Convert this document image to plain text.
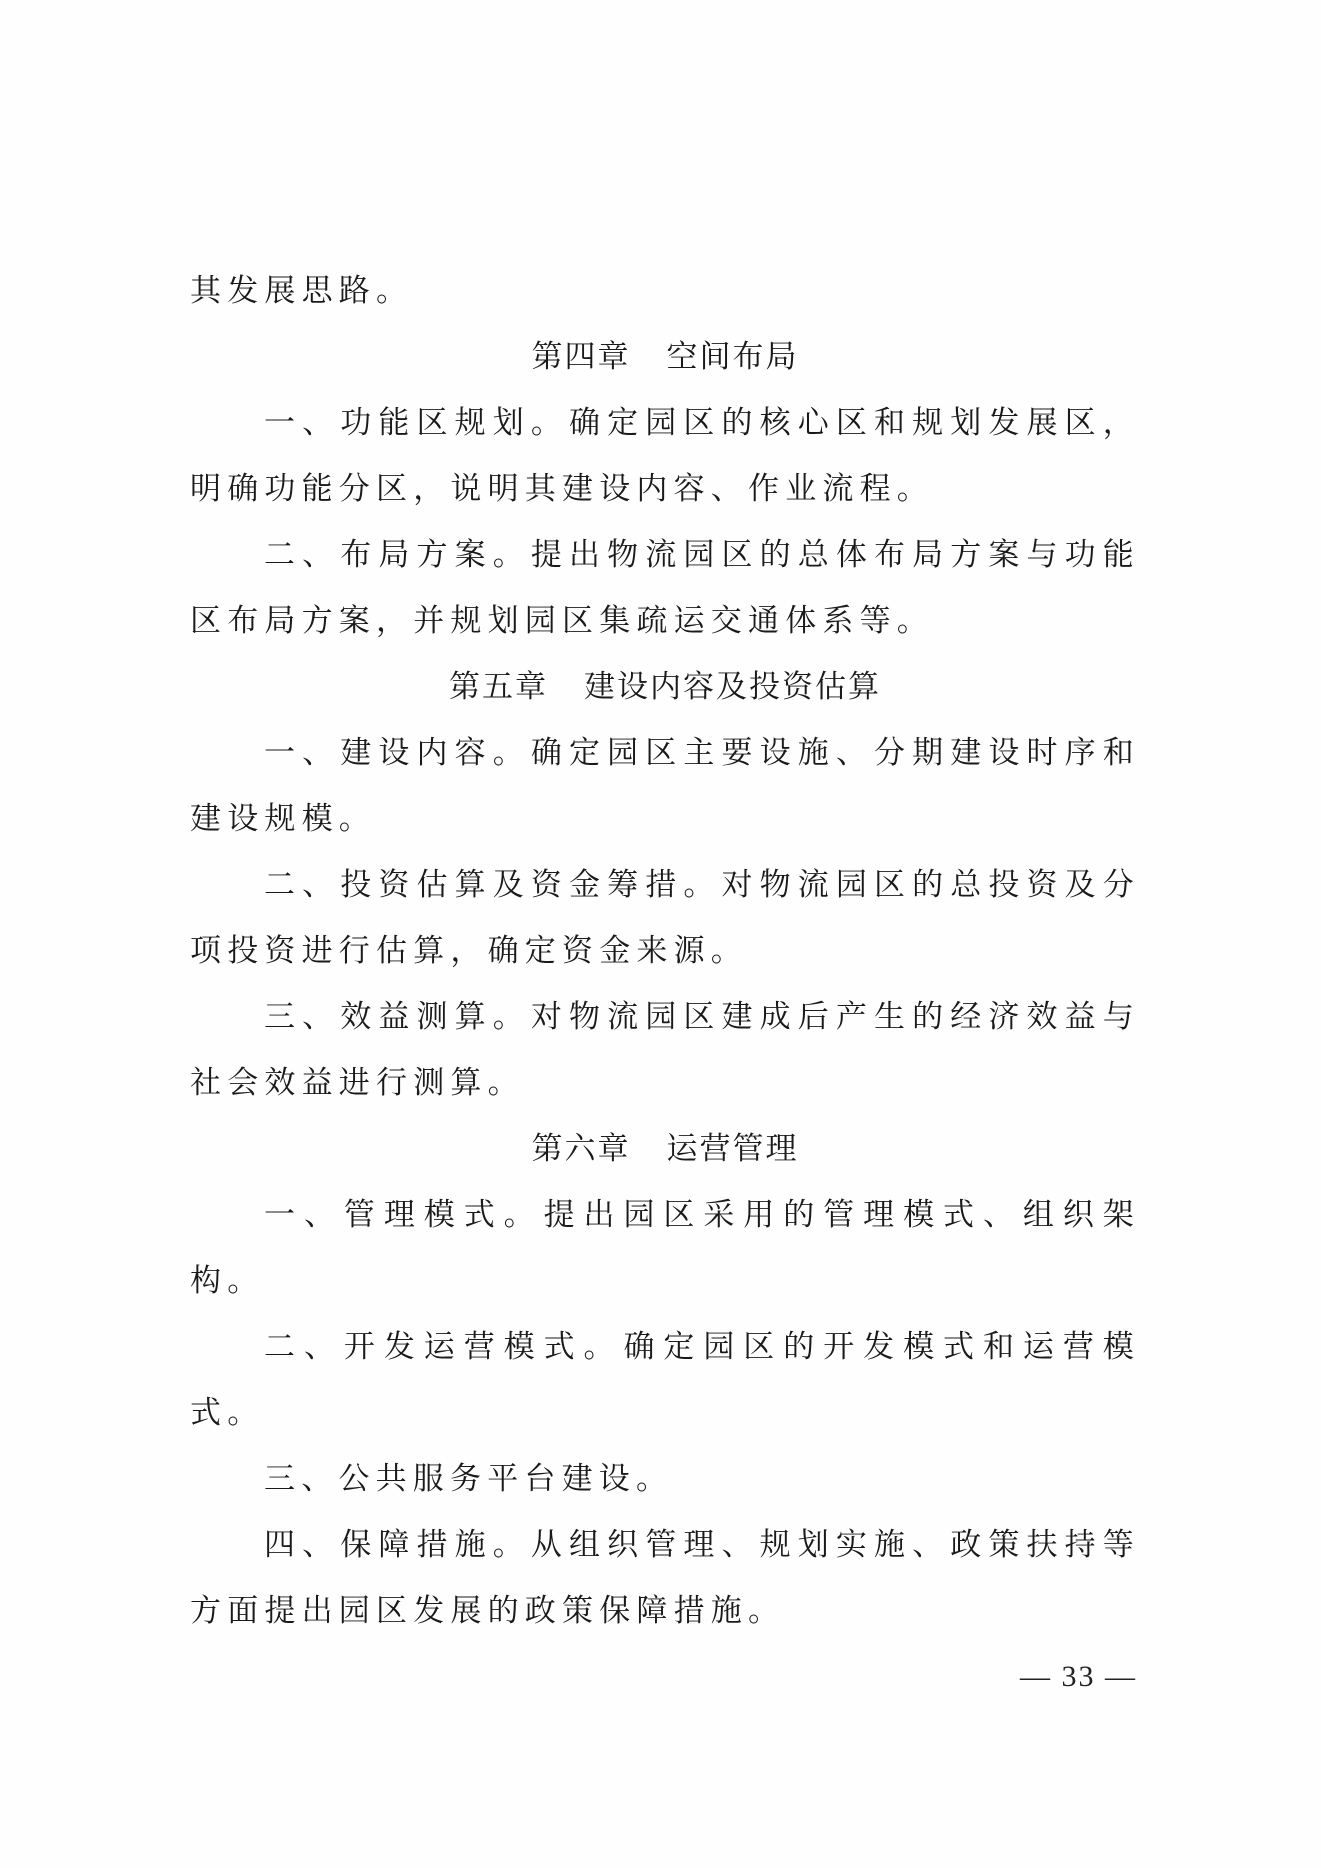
其发展思路。

第四章 空间布局

一、功能区规划。确定园区的核心区和规划发展区，明确功能分区，说明其建设内容、作业流程。

二、布局方案。提出物流园区的总体布局方案与功能区布局方案，并规划园区集疏运交通体系等。

第五章 建设内容及投资估算

一、建设内容。确定园区主要设施、分期建设时序和建设规模。

二、投资估算及资金筹措。对物流园区的总投资及分项投资进行估算，确定资金来源。

三、效益测算。对物流园区建成后产生的经济效益与社会效益进行测算。

第六章 运营管理

一、管理模式。提出园区采用的管理模式、组织架构。

二、开发运营模式。确定园区的开发模式和运营模式。

三、公共服务平台建设。

四、保障措施。从组织管理、规划实施、政策扶持等方面提出园区发展的政策保障措施。

— 33 —
